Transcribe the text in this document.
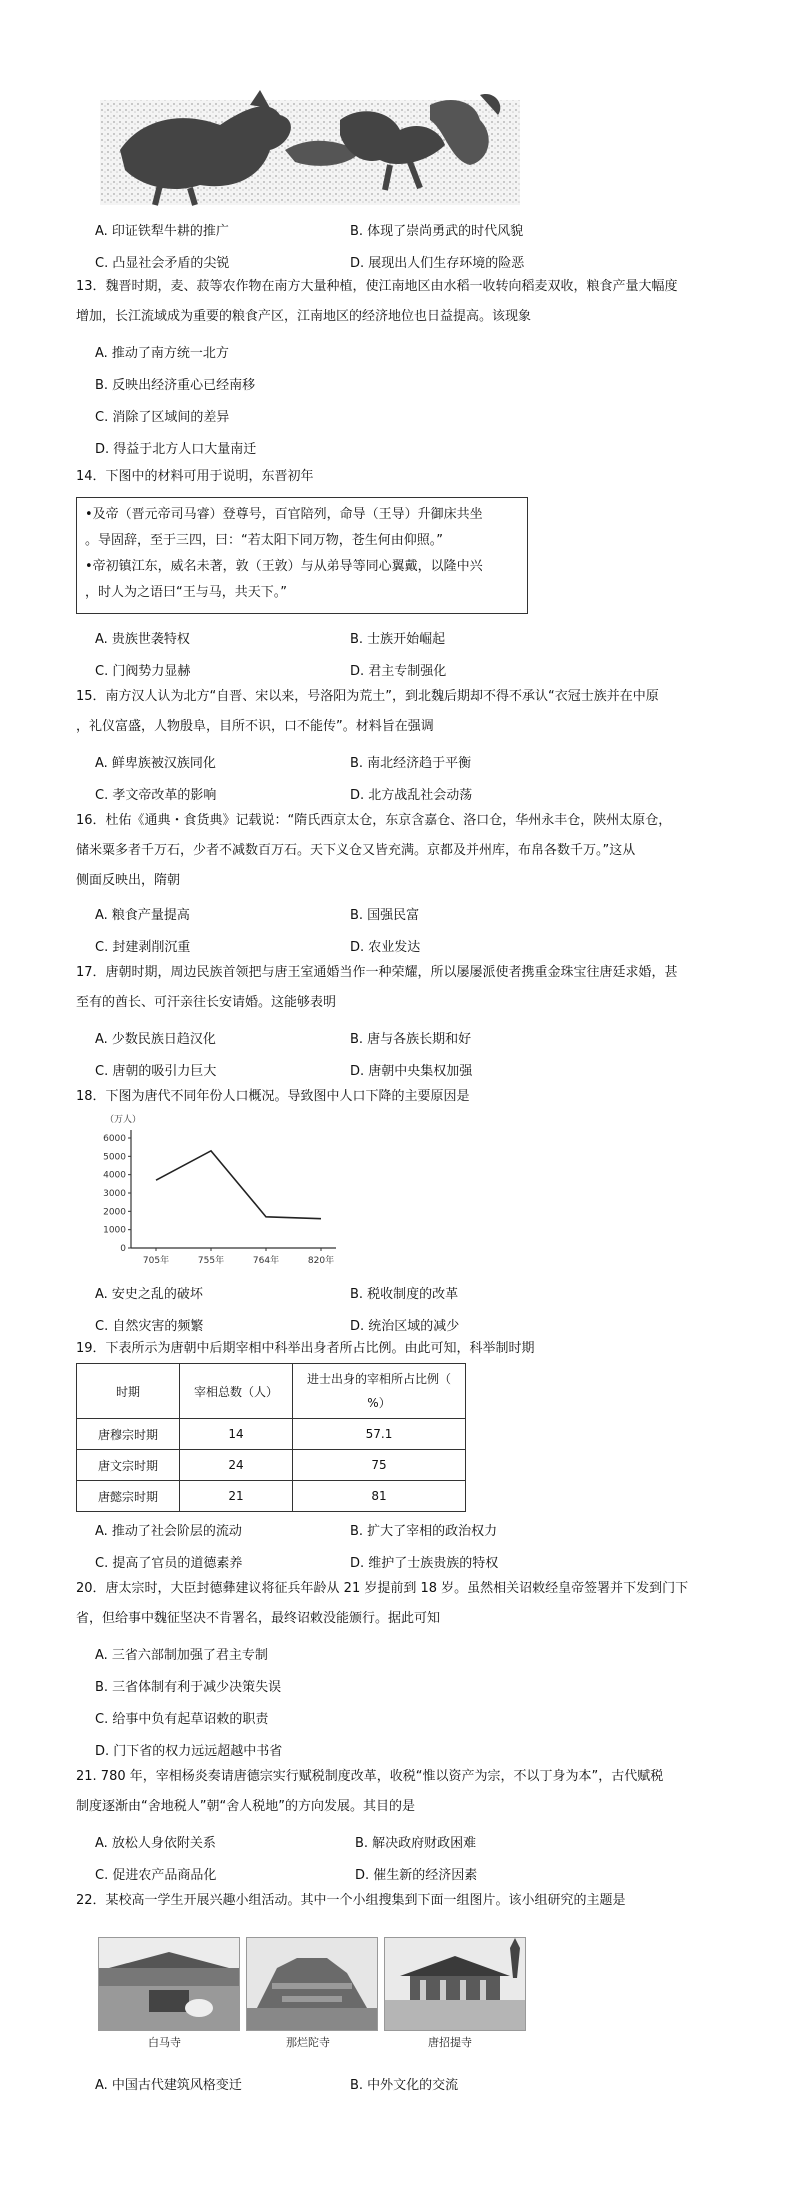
A. 印证铁犁牛耕的推广	B. 体现了崇尚勇武的时代风貌
C. 凸显社会矛盾的尖锐	D. 展现出人们生存环境的险恶
13．魏晋时期，麦、菽等农作物在南方大量种植，使江南地区由水稻一收转向稻麦双收，粮食产量大幅度
增加，长江流域成为重要的粮食产区，江南地区的经济地位也日益提高。该现象
A. 推动了南方统一北方
B. 反映出经济重心已经南移
C. 消除了区域间的差异
D. 得益于北方人口大量南迁
14．下图中的材料可用于说明，东晋初年
•及帝（晋元帝司马睿）登尊号，百官陪列，命导（王导）升御床共坐
。导固辞，至于三四，曰：“若太阳下同万物，苍生何由仰照。”
•帝初镇江东，威名未著，敦（王敦）与从弟导等同心翼戴，以隆中兴
，时人为之语曰“王与马，共天下。”
A. 贵族世袭特权	B. 士族开始崛起
C. 门阀势力显赫	D. 君主专制强化
15．南方汉人认为北方“自晋、宋以来，号洛阳为荒土”，到北魏后期却不得不承认“衣冠士族并在中原
，礼仪富盛，人物殷阜，目所不识，口不能传”。材料旨在强调
A. 鲜卑族被汉族同化	B. 南北经济趋于平衡
C. 孝文帝改革的影响	D. 北方战乱社会动荡
16．杜佑《通典・食货典》记载说：“隋氏西京太仓，东京含嘉仓、洛口仓，华州永丰仓，陕州太原仓，
储米粟多者千万石，少者不减数百万石。天下义仓又皆充满。京都及并州库，布帛各数千万。”这从
侧面反映出，隋朝
A. 粮食产量提高	B. 国强民富
C. 封建剥削沉重	D. 农业发达
17．唐朝时期，周边民族首领把与唐王室通婚当作一种荣耀，所以屡屡派使者携重金珠宝往唐廷求婚，甚
至有的酋长、可汗亲往长安请婚。这能够表明
A. 少数民族日趋汉化	B. 唐与各族长期和好
C. 唐朝的吸引力巨大	D. 唐朝中央集权加强
18．下图为唐代不同年份人口概况。导致图中人口下降的主要原因是
（万人）
0
1000
2000
3000
4000
5000
6000
705年	755年	764年	820年
A. 安史之乱的破坏	B. 税收制度的改革
C. 自然灾害的频繁	D. 统治区域的减少
19．下表所示为唐朝中后期宰相中科举出身者所占比例。由此可知，科举制时期
时期	宰相总数（人）	进士出身的宰相所占比例（
%）

唐穆宗时期	14	57.1
唐文宗时期	24	75
唐懿宗时期	21	81
A. 推动了社会阶层的流动	B. 扩大了宰相的政治权力
C. 提高了官员的道德素养	D. 维护了士族贵族的特权
20．唐太宗时，大臣封德彝建议将征兵年龄从 21 岁提前到 18 岁。虽然相关诏敕经皇帝签署并下发到门下
省，但给事中魏征坚决不肯署名，最终诏敕没能颁行。据此可知
A. 三省六部制加强了君主专制
B. 三省体制有利于减少决策失误
C. 给事中负有起草诏敕的职责
D. 门下省的权力远远超越中书省
21. 780 年，宰相杨炎奏请唐德宗实行赋税制度改革，收税“惟以资产为宗，不以丁身为本”，古代赋税
制度逐渐由“舍地税人”朝“舍人税地”的方向发展。其目的是
A. 放松人身依附关系	B. 解决政府财政困难
C. 促进农产品商品化	D. 催生新的经济因素
22．某校高一学生开展兴趣小组活动。其中一个小组搜集到下面一组图片。该小组研究的主题是
白马寺	那烂陀寺	唐招提寺
A. 中国古代建筑风格变迁	B. 中外文化的交流
